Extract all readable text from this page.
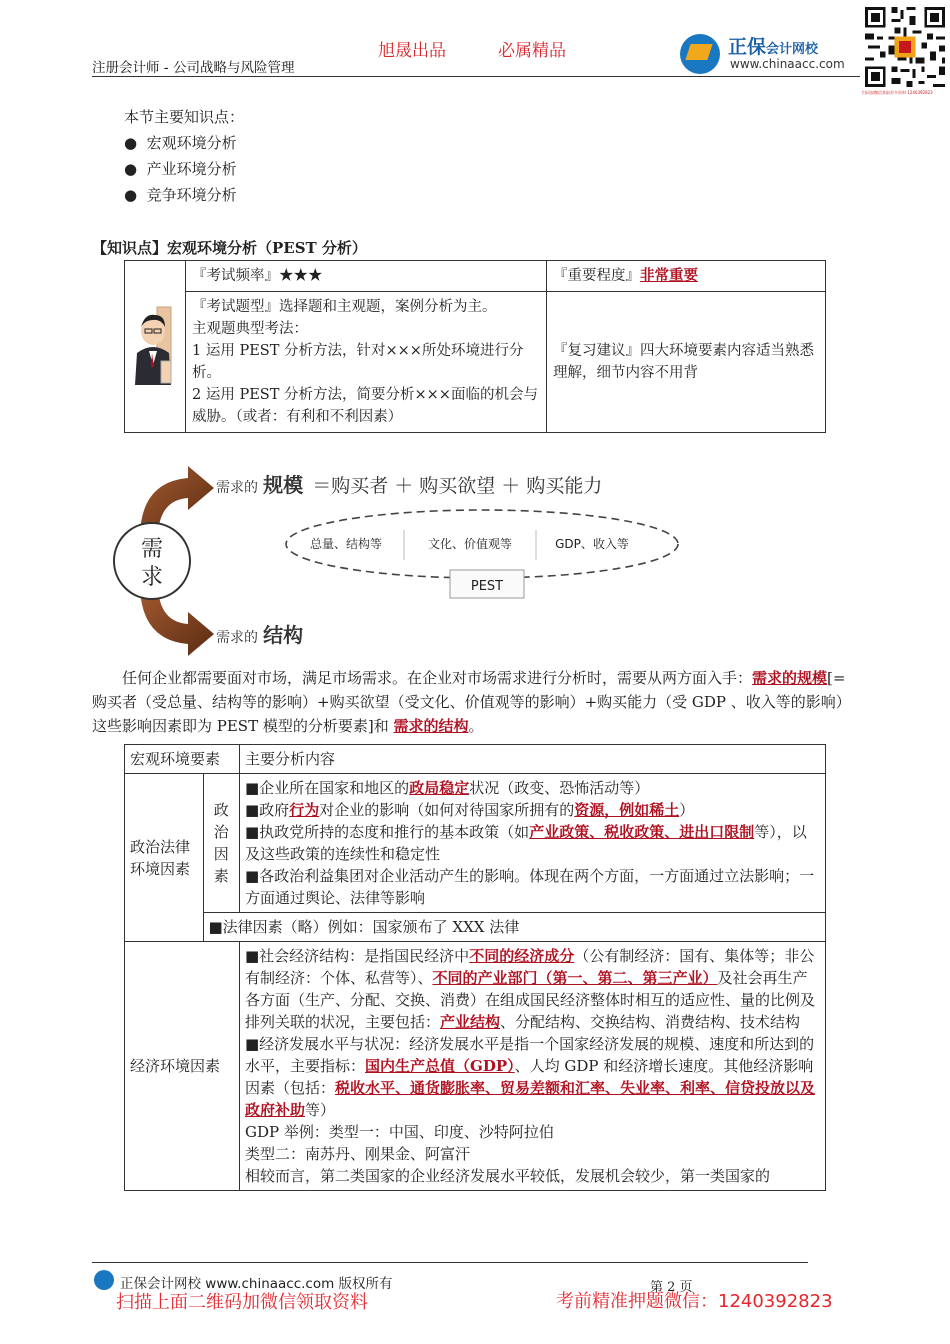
注册会计师 - 公司战略与风险管理
旭晟出品	必属精品	正保会计网校
www.chinaacc.com
扫码加微信获取更多资料 1240392823
本节主要知识点：
●  宏观环境分析
●  产业环境分析
●  竞争环境分析
【知识点】宏观环境分析（PEST 分析）
	『考试频率』★★★	『重要程度』非常重要

	『考试题型』选择题和主观题，案例分析为主。
主观题典型考法：
1 运用 PEST 分析方法，针对×××所处环境进行分析。
2 运用 PEST 分析方法，简要分析×××面临的机会与威胁。（或者：有利和不利因素）	『复习建议』四大环境要素内容适当熟悉理解，细节内容不用背
需
求
需求的 规模 ＝购买者 ＋ 购买欲望 ＋ 购买能力
总量、结构等	文化、价值观等	GDP、收入等
PEST
需求的 结构
任何企业都需要面对市场，满足市场需求。在企业对市场需求进行分析时，需要从两方面入手：需求的规模[=购买者（受总量、结构等的影响）+购买欲望（受文化、价值观等的影响）+购买能力（受 GDP 、收入等的影响）这些影响因素即为 PEST 模型的分析要素]和 需求的结构。
宏观环境要素		主要分析内容
政治法律环境因素	政治因素	■企业所在国家和地区的政局稳定状况（政变、恐怖活动等）
■政府行为对企业的影响（如何对待国家所拥有的资源，例如稀土）
■执政党所持的态度和推行的基本政策（如产业政策、税收政策、进出口限制等），以及这些政策的连续性和稳定性
■各政治利益集团对企业活动产生的影响。体现在两个方面，一方面通过立法影响；一方面通过舆论、法律等影响

	■法律因素（略）例如：国家颁布了 XXX 法律	
经济环境因素		■社会经济结构：是指国民经济中不同的经济成分（公有制经济：国有、集体等；非公有制经济：个体、私营等）、不同的产业部门（第一、第二、第三产业）及社会再生产各方面（生产、分配、交换、消费）在组成国民经济整体时相互的适应性、量的比例及排列关联的状况，主要包括：产业结构、分配结构、交换结构、消费结构、技术结构
■经济发展水平与状况：经济发展水平是指一个国家经济发展的规模、速度和所达到的水平，主要指标：国内生产总值（GDP）、人均 GDP 和经济增长速度。其他经济影响因素（包括：税收水平、通货膨胀率、贸易差额和汇率、失业率、利率、信贷投放以及政府补助等）
GDP 举例：类型一：中国、印度、沙特阿拉伯
类型二：南苏丹、刚果金、阿富汗
相较而言，第二类国家的企业经济发展水平较低，发展机会较少，第一类国家的
正保会计网校 www.chinaacc.com 版权所有	第 2 页
扫描上面二维码加微信领取资料	考前精准押题微信：1240392823
